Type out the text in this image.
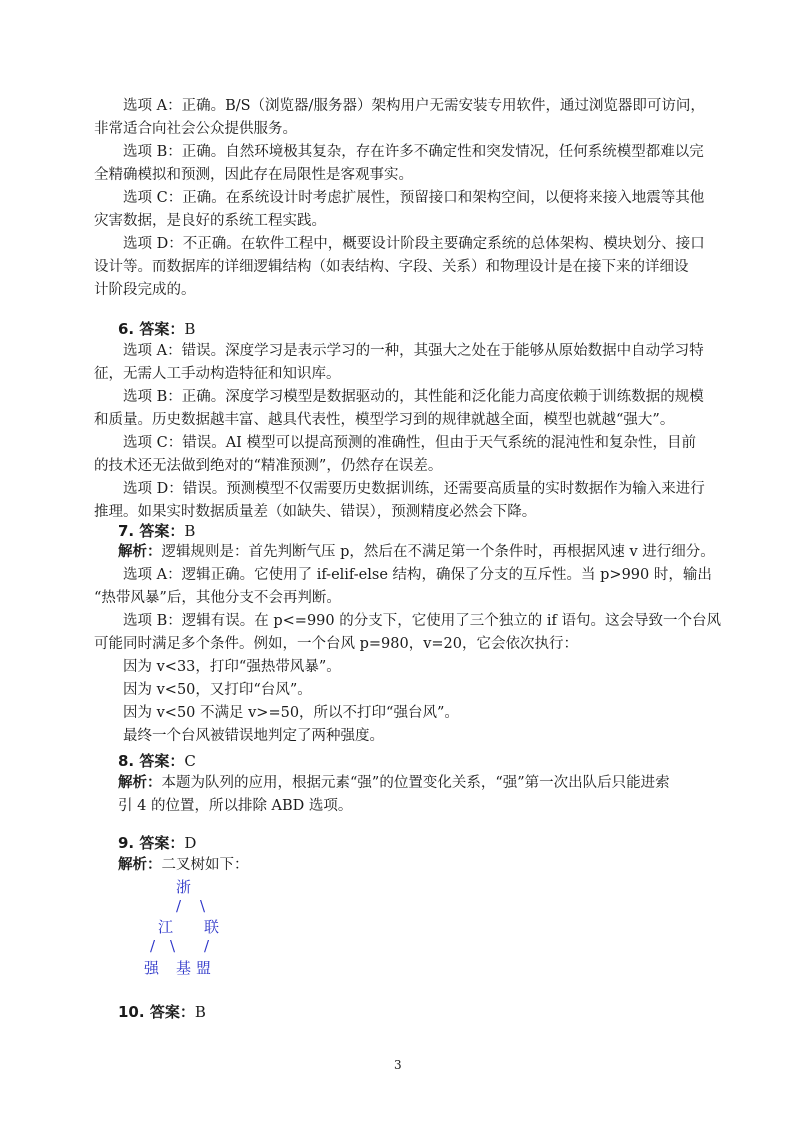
选项 A：正确。B/S（浏览器/服务器）架构用户无需安装专用软件，通过浏览器即可访问，
非常适合向社会公众提供服务。
选项 B：正确。自然环境极其复杂，存在许多不确定性和突发情况，任何系统模型都难以完
全精确模拟和预测，因此存在局限性是客观事实。
选项 C：正确。在系统设计时考虑扩展性，预留接口和架构空间，以便将来接入地震等其他
灾害数据，是良好的系统工程实践。
选项 D：不正确。在软件工程中，概要设计阶段主要确定系统的总体架构、模块划分、接口
设计等。而数据库的详细逻辑结构（如表结构、字段、关系）和物理设计是在接下来的详细设
计阶段完成的。
6. 答案：B
选项 A：错误。深度学习是表示学习的一种，其强大之处在于能够从原始数据中自动学习特
征，无需人工手动构造特征和知识库。
选项 B：正确。深度学习模型是数据驱动的，其性能和泛化能力高度依赖于训练数据的规模
和质量。历史数据越丰富、越具代表性，模型学习到的规律就越全面，模型也就越“强大”。
选项 C：错误。AI 模型可以提高预测的准确性，但由于天气系统的混沌性和复杂性，目前
的技术还无法做到绝对的“精准预测”，仍然存在误差。
选项 D：错误。预测模型不仅需要历史数据训练，还需要高质量的实时数据作为输入来进行
推理。如果实时数据质量差（如缺失、错误），预测精度必然会下降。
7. 答案：B
解析：逻辑规则是：首先判断气压 p，然后在不满足第一个条件时，再根据风速 v 进行细分。
选项 A：逻辑正确。它使用了 if-elif-else 结构，确保了分支的互斥性。当 p>990 时，输出
“热带风暴”后，其他分支不会再判断。
选项 B：逻辑有误。在 p<=990 的分支下，它使用了三个独立的 if 语句。这会导致一个台风
可能同时满足多个条件。例如，一个台风 p=980，v=20，它会依次执行：
因为 v<33，打印“强热带风暴”。
因为 v<50，又打印“台风”。
因为 v<50 不满足 v>=50，所以不打印“强台风”。
最终一个台风被错误地判定了两种强度。
8. 答案：C
解析：本题为队列的应用，根据元素“强”的位置变化关系，“强”第一次出队后只能进索
引 4 的位置，所以排除 ABD 选项。
9. 答案：D
解析：二叉树如下：
浙
/ \
江 联
/ \ /
强 基 盟
10. 答案：B
3
